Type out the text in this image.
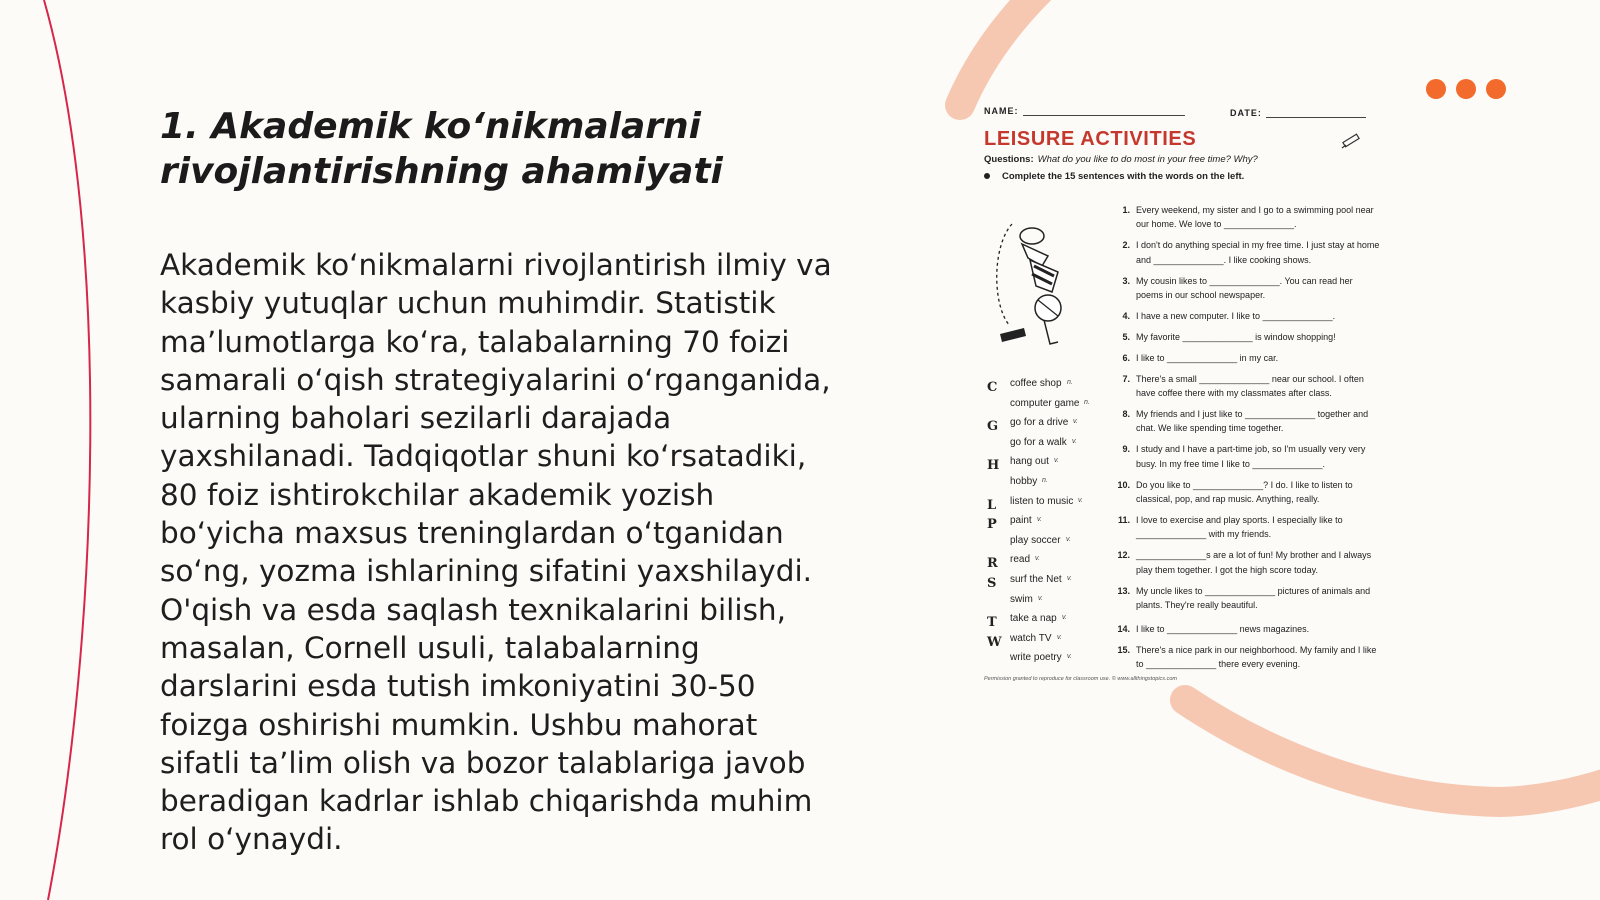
1. Akademik ko‘nikmalarni
rivojlantirishning ahamiyati
Akademik ko‘nikmalarni rivojlantirish ilmiy va
kasbiy yutuqlar uchun muhimdir. Statistik
ma’lumotlarga ko‘ra, talabalarning 70 foizi
samarali o‘qish strategiyalarini o‘rganganida,
ularning baholari sezilarli darajada
yaxshilanadi. Tadqiqotlar shuni ko‘rsatadiki,
80 foiz ishtirokchilar akademik yozish
bo‘yicha maxsus treninglardan o‘tganidan
so‘ng, yozma ishlarining sifatini yaxshilaydi.
O'qish va esda saqlash texnikalarini bilish,
masalan, Cornell usuli, talabalarning
darslarini esda tutish imkoniyatini 30-50
foizga oshirishi mumkin. Ushbu mahorat
sifatli ta’lim olish va bozor talablariga javob
beradigan kadrlar ishlab chiqarishda muhim
rol o‘ynaydi.
NAME:	DATE:
LEISURE ACTIVITIES
Questions: What do you like to do most in your free time? Why?
Complete the 15 sentences with the words on the left.
C coffee shop n.
computer game n.
G go for a drive v.
go for a walk v.
H hang out v.
hobby n.
L listen to music v.
P paint v.
play soccer v.
R read v.
S surf the Net v.
swim v.
T take a nap v.
W watch TV v.
write poetry v.
1. Every weekend, my sister and I go to a swimming pool near our home. We love to ______________.
2. I don't do anything special in my free time. I just stay at home and ______________. I like cooking shows.
3. My cousin likes to ______________. You can read her poems in our school newspaper.
4. I have a new computer. I like to ______________.
5. My favorite ______________ is window shopping!
6. I like to ______________ in my car.
7. There's a small ______________ near our school. I often have coffee there with my classmates after class.
8. My friends and I just like to ______________ together and chat. We like spending time together.
9. I study and I have a part-time job, so I'm usually very very busy. In my free time I like to ______________.
10. Do you like to ______________? I do. I like to listen to classical, pop, and rap music. Anything, really.
11. I love to exercise and play sports. I especially like to ______________ with my friends.
12. ______________s are a lot of fun! My brother and I always play them together. I got the high score today.
13. My uncle likes to ______________ pictures of animals and plants. They're really beautiful.
14. I like to ______________ news magazines.
15. There's a nice park in our neighborhood. My family and I like to ______________ there every evening.
Permission granted to reproduce for classroom use. © www.allthingstopics.com
